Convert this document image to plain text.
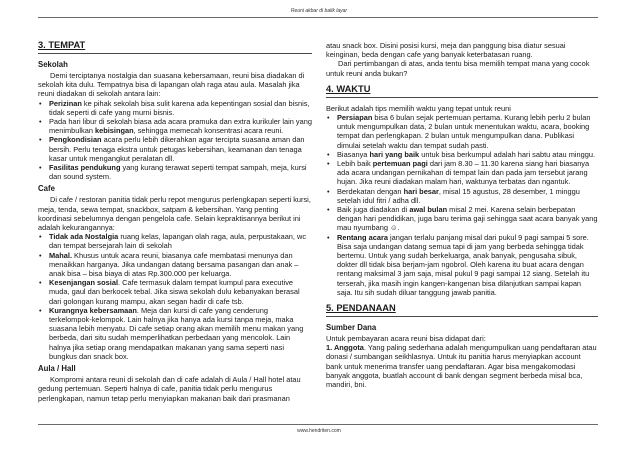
Reuni akbar di balik layar
3. TEMPAT
Sekolah

Demi terciptanya nostalgia dan suasana kebersamaan, reuni bisa diadakan di sekolah kita dulu. Tempatnya bisa di lapangan olah raga atau aula. Masalah jika reuni diadakan di sekolah antara lain:

• Perizinan ke pihak sekolah bisa sulit karena ada kepentingan sosial dan bisnis, tidak seperti di cafe yang murni bisnis.
• Pada hari libur di sekolah biasa ada acara pramuka dan extra kurikuler lain yang menimbulkan kebisingan, sehingga memecah konsentrasi acara reuni.
• Pengkondisian acara perlu lebih dikerahkan agar tercipta suasana aman dan bersih. Perlu tenaga ekstra untuk petugas kebersihan, keamanan dan tenaga kasar untuk mengangkut peralatan dll.
• Fasilitas pendukung yang kurang terawat seperti tempat sampah, meja, kursi dan sound system.
Cafe

Di cafe / restoran panitia tidak perlu repot mengurus perlengkapan seperti kursi, meja, tenda, sewa tempat, snackbox, satpam & kebersihan. Yang penting koordinasi sebelumnya dengan pengelola cafe. Selain kepraktisannya berikut ini adalah kekurangannya:

• Tidak ada Nostalgia ruang kelas, lapangan olah raga, aula, perpustakaan, wc dan tempat bersejarah lain di sekolah
• Mahal. Khusus untuk acara reuni, biasanya cafe membatasi menunya dan menaikkan harganya. Jika undangan datang bersama pasangan dan anak – anak bisa – bisa biaya di atas Rp.300.000 per keluarga.
• Kesenjangan sosial. Cafe termasuk dalam tempat kumpul para executive muda, gaul dan berkocek tebal. Jika siswa sekolah dulu kebanyakan berasal dari golongan kurang mampu, akan segan hadir di cafe tsb.
• Kurangnya kebersamaan. Meja dan kursi di cafe yang cenderung terkelompok-kelompok. Lain halnya jika hanya ada kursi tanpa meja, maka suasana lebih menyatu. Di cafe setiap orang akan memilih menu makan yang berbeda, dari situ sudah memperlihatkan perbedaan yang mencolok. Lain halnya jika setiap orang mendapatkan makanan yang sama seperti nasi bungkus dan snack box.
Aula / Hall

Kompromi antara reuni di sekolah dan di cafe adalah di Aula / Hall hotel atau gedung pertemuan. Seperti halnya di cafe, panitia tidak perlu mengurus perlengkapan, namun tetap perlu menyiapkan makanan baik dari prasmanan

atau snack box. Disini posisi kursi, meja dan panggung bisa diatur sesuai keinginan, beda dengan cafe yang banyak keterbatasan ruang.

Dari pertimbangan di atas, anda tentu bisa memilih tempat mana yang cocok untuk reuni anda bukan?

4. WAKTU

Berikut adalah tips memilih waktu yang tepat untuk reuni

• Persiapan bisa 6 bulan sejak pertemuan pertama. Kurang lebih perlu 2 bulan untuk mengumpulkan data, 2 bulan untuk menentukan waktu, acara, booking tempat dan perlengkapan. 2 bulan untuk mengumpulkan dana. Publikasi dimulai setelah waktu dan tempat sudah pasti.
• Biasanya hari yang baik untuk bisa berkumpul adalah hari sabtu atau minggu.
• Lebih baik pertemuan pagi dari jam 8.30 – 11.30 karena siang hari biasanya ada acara undangan pernikahan di tempat lain dan pada jam tersebut jarang hujan. Jika reuni diadakan malam hari, waktunya terbatas dan ngantuk.
• Berdekatan dengan hari besar, misal 15 agustus, 28 desember, 1 minggu setelah idul fitri / adha dll.
• Baik juga diadakan di awal bulan misal 2 mei. Karena selain berbepatan dengan hari pendidikan, juga baru terima gaji sehingga saat acara banyak yang mau nyumbang ☺.
• Rentang acara jangan terlalu panjang misal dari pukul 9 pagi sampai 5 sore. Bisa saja undangan datang semua tapi di jam yang berbeda sehingga tidak bertemu. Untuk yang sudah berkeluarga, anak banyak, pengusaha sibuk, dokter dll tidak bisa berjam-jam ngobrol. Oleh karena itu buat acara dengan rentang maksimal 3 jam saja, misal pukul 9 pagi sampai 12 siang. Setelah itu terserah, jika masih ingin kangen-kangenan bisa dilanjutkan sampai kapan saja. Itu sih sudah diluar tanggung jawab panitia.
5. PENDANAAN
Sumber Dana

Untuk pembayaran acara reuni bisa didapat dari:

1. Anggota. Yang paling sederhana adalah mengumpulkan uang pendaftaran atau donasi / sumbangan seikhlasnya. Untuk itu panitia harus menyiapkan account bank untuk menerima transfer uang pendaftaran. Agar bisa mengakomodasi banyak anggota, buatlah account di bank dengan segment berbeda misal bca, mandiri, bni.

www.hendriten.com
